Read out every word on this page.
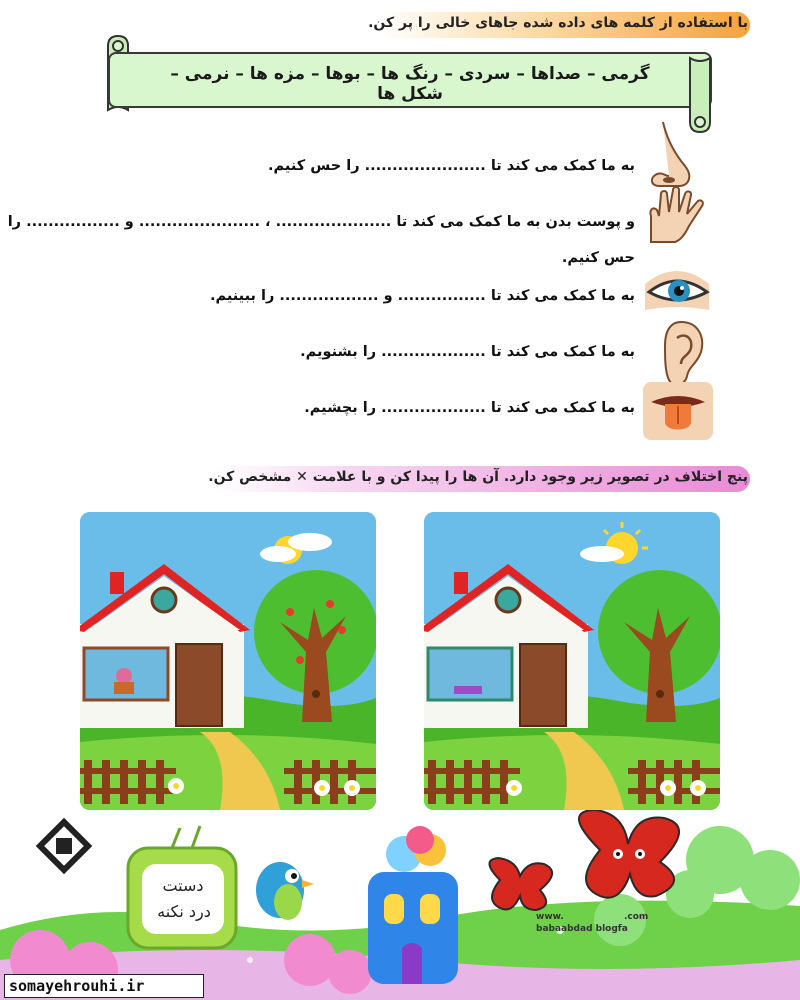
با استفاده از کلمه های داده شده جاهای خالی را پر کن.
گرمی – صداها – سردی – رنگ ها – بوها – مزه ها – نرمی – شکل ها
به ما کمک می کند تا ...................... را حس کنیم.
و پوست بدن به ما کمک می کند تا ..................... ، ...................... و ................. را
حس کنیم.
به ما کمک می کند تا ................ و .................. را ببینیم.
به ما کمک می کند تا ................... را بشنویم.
به ما کمک می کند تا ................... را بچشیم.
پنج اختلاف در تصویر زیر وجود دارد. آن ها را پیدا کن و با علامت ✕ مشخص کن.
دستت
درد نکنه	www.	.com
babaabdad blogfa
somayehrouhi.ir
